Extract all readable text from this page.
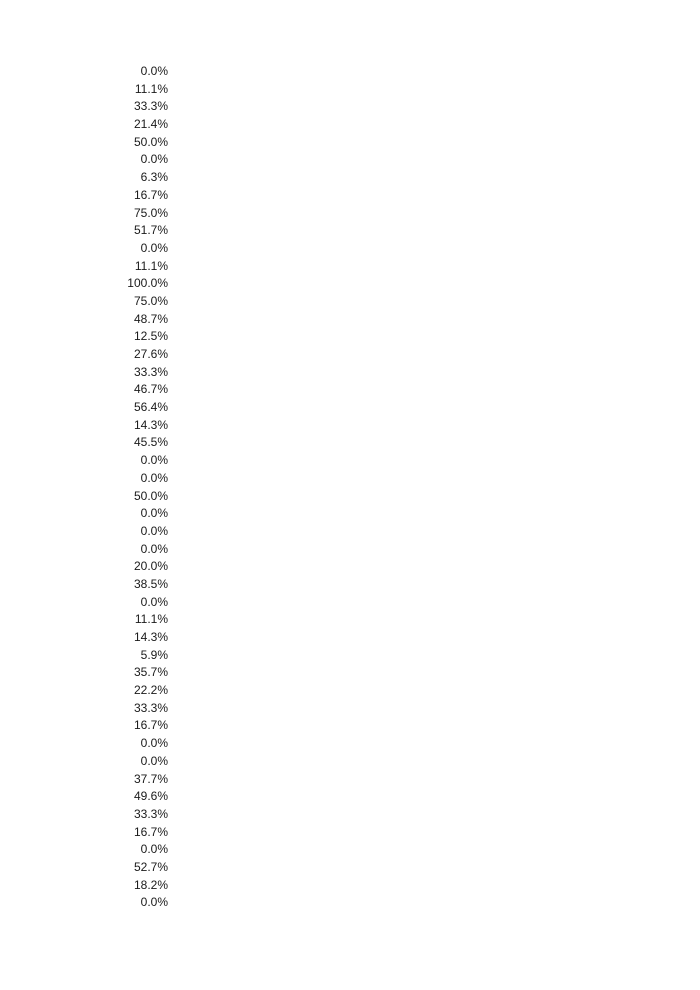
0.0%
11.1%
33.3%
21.4%
50.0%
0.0%
6.3%
16.7%
75.0%
51.7%
0.0%
11.1%
100.0%
75.0%
48.7%
12.5%
27.6%
33.3%
46.7%
56.4%
14.3%
45.5%
0.0%
0.0%
50.0%
0.0%
0.0%
0.0%
20.0%
38.5%
0.0%
11.1%
14.3%
5.9%
35.7%
22.2%
33.3%
16.7%
0.0%
0.0%
37.7%
49.6%
33.3%
16.7%
0.0%
52.7%
18.2%
0.0%
